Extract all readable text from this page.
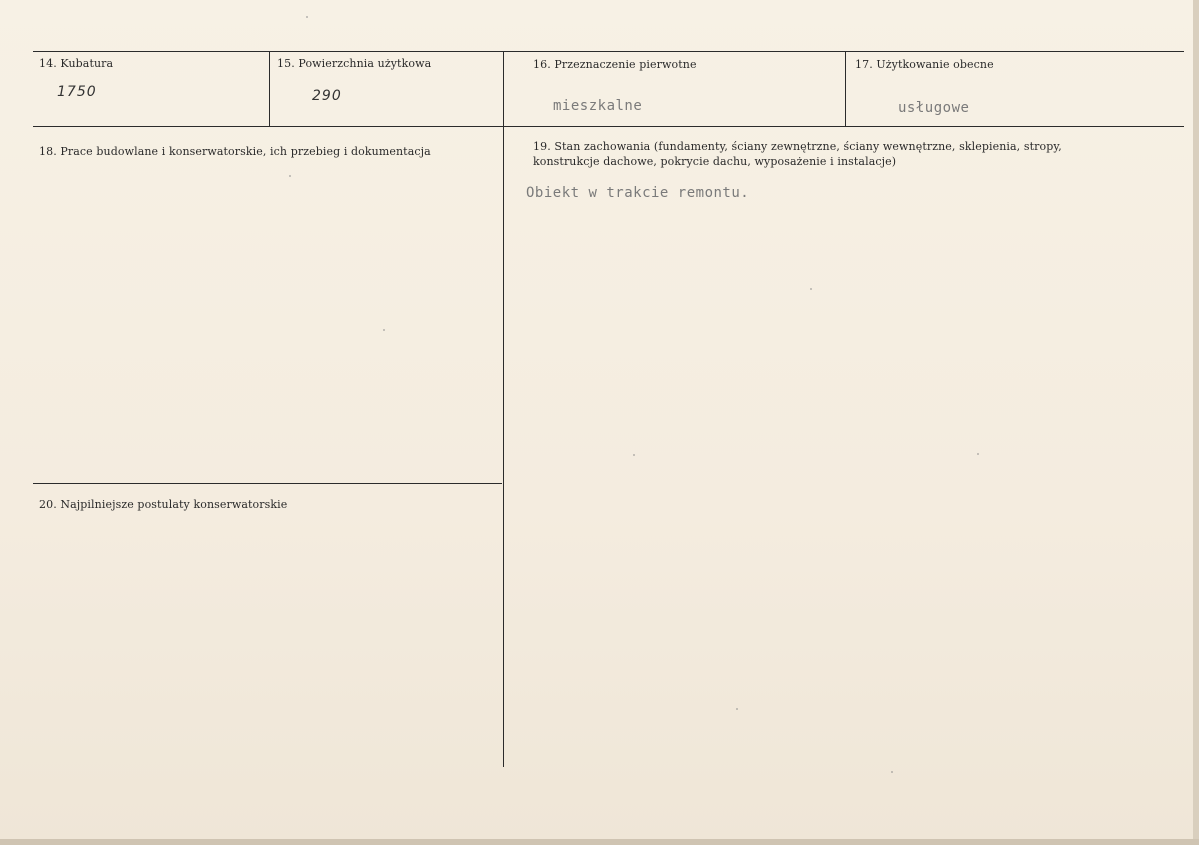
14. Kubatura
1750
15. Powierzchnia użytkowa
290
16. Przeznaczenie pierwotne
mieszkalne
17. Użytkowanie obecne
usługowe
18. Prace budowlane i konserwatorskie, ich przebieg i dokumentacja	19. Stan zachowania (fundamenty, ściany zewnętrzne, ściany wewnętrzne, sklepienia, stropy, konstrukcje dachowe, pokrycie dachu, wyposażenie i instalacje)
Obiekt w trakcie remontu.
20. Najpilniejsze postulaty konserwatorskie
